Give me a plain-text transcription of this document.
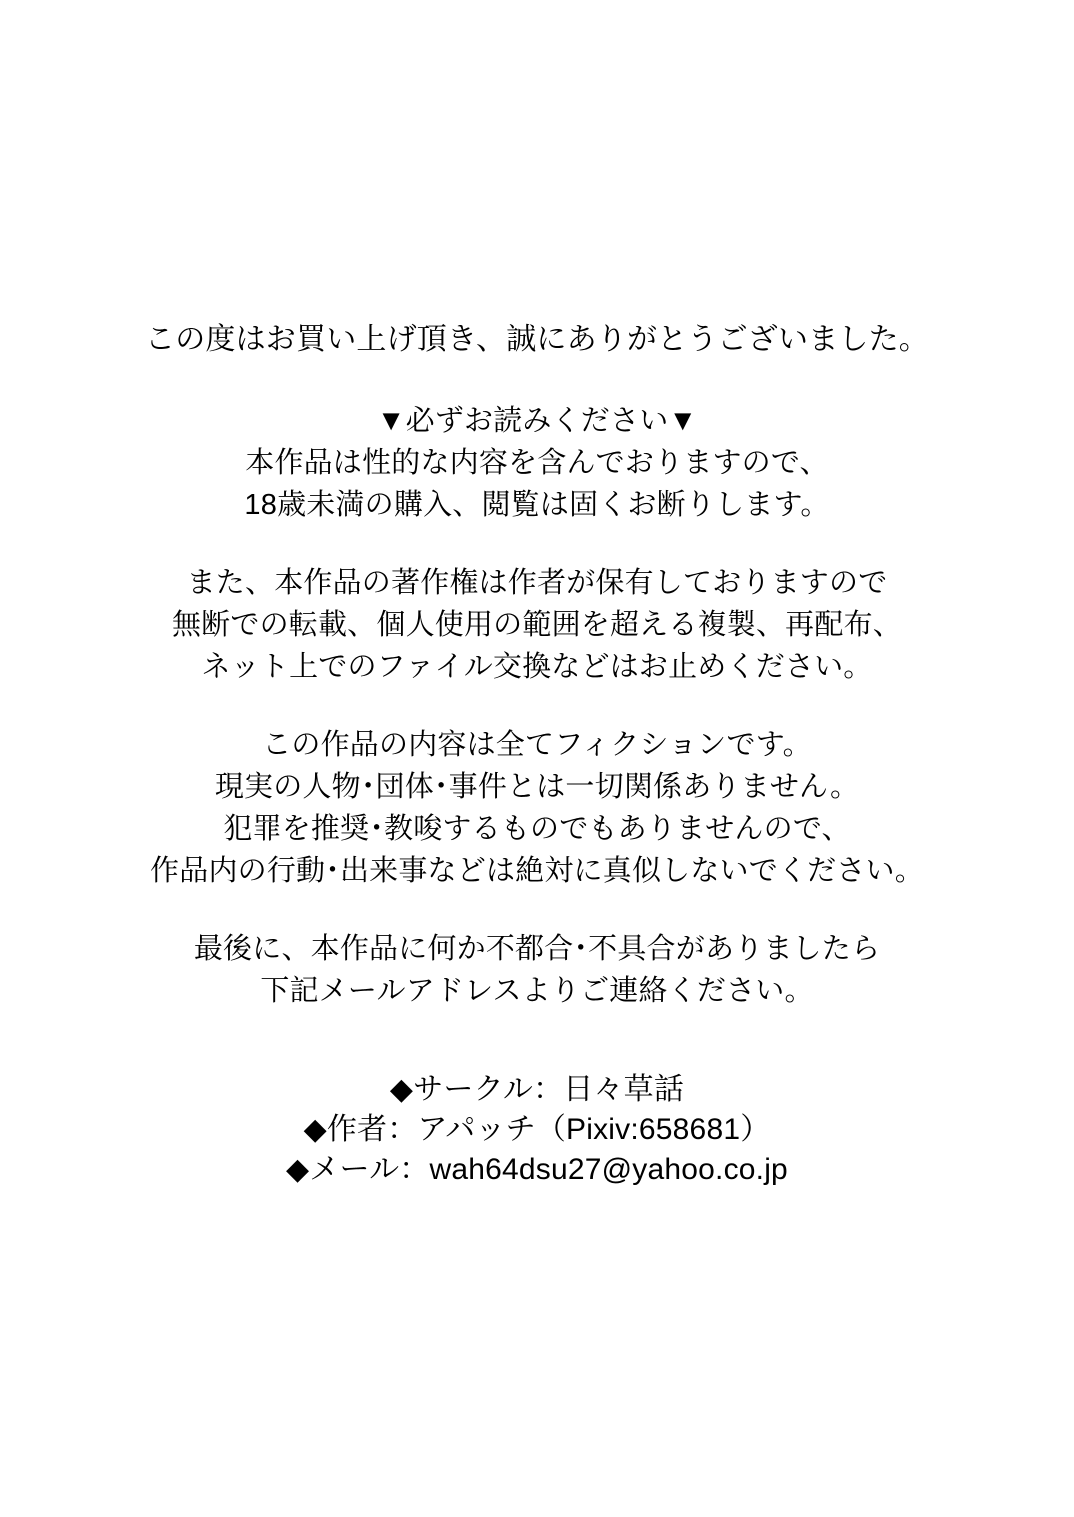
この度はお買い上げ頂き、誠にありがとうございました。
▼必ずお読みください▼
本作品は性的な内容を含んでおりますので、
18歳未満の購入、閲覧は固くお断りします。
また、本作品の著作権は作者が保有しておりますので
無断での転載、個人使用の範囲を超える複製、再配布、
ネット上でのファイル交換などはお止めください。
この作品の内容は全てフィクションです。
現実の人物･団体･事件とは一切関係ありません。
犯罪を推奨･教唆するものでもありませんので、
作品内の行動･出来事などは絶対に真似しないでください。
最後に、本作品に何か不都合･不具合がありましたら
下記メールアドレスよりご連絡ください。
◆サークル：日々草話
◆作者：アパッチ（Pixiv:658681）
◆メール：wah64dsu27@yahoo.co.jp
